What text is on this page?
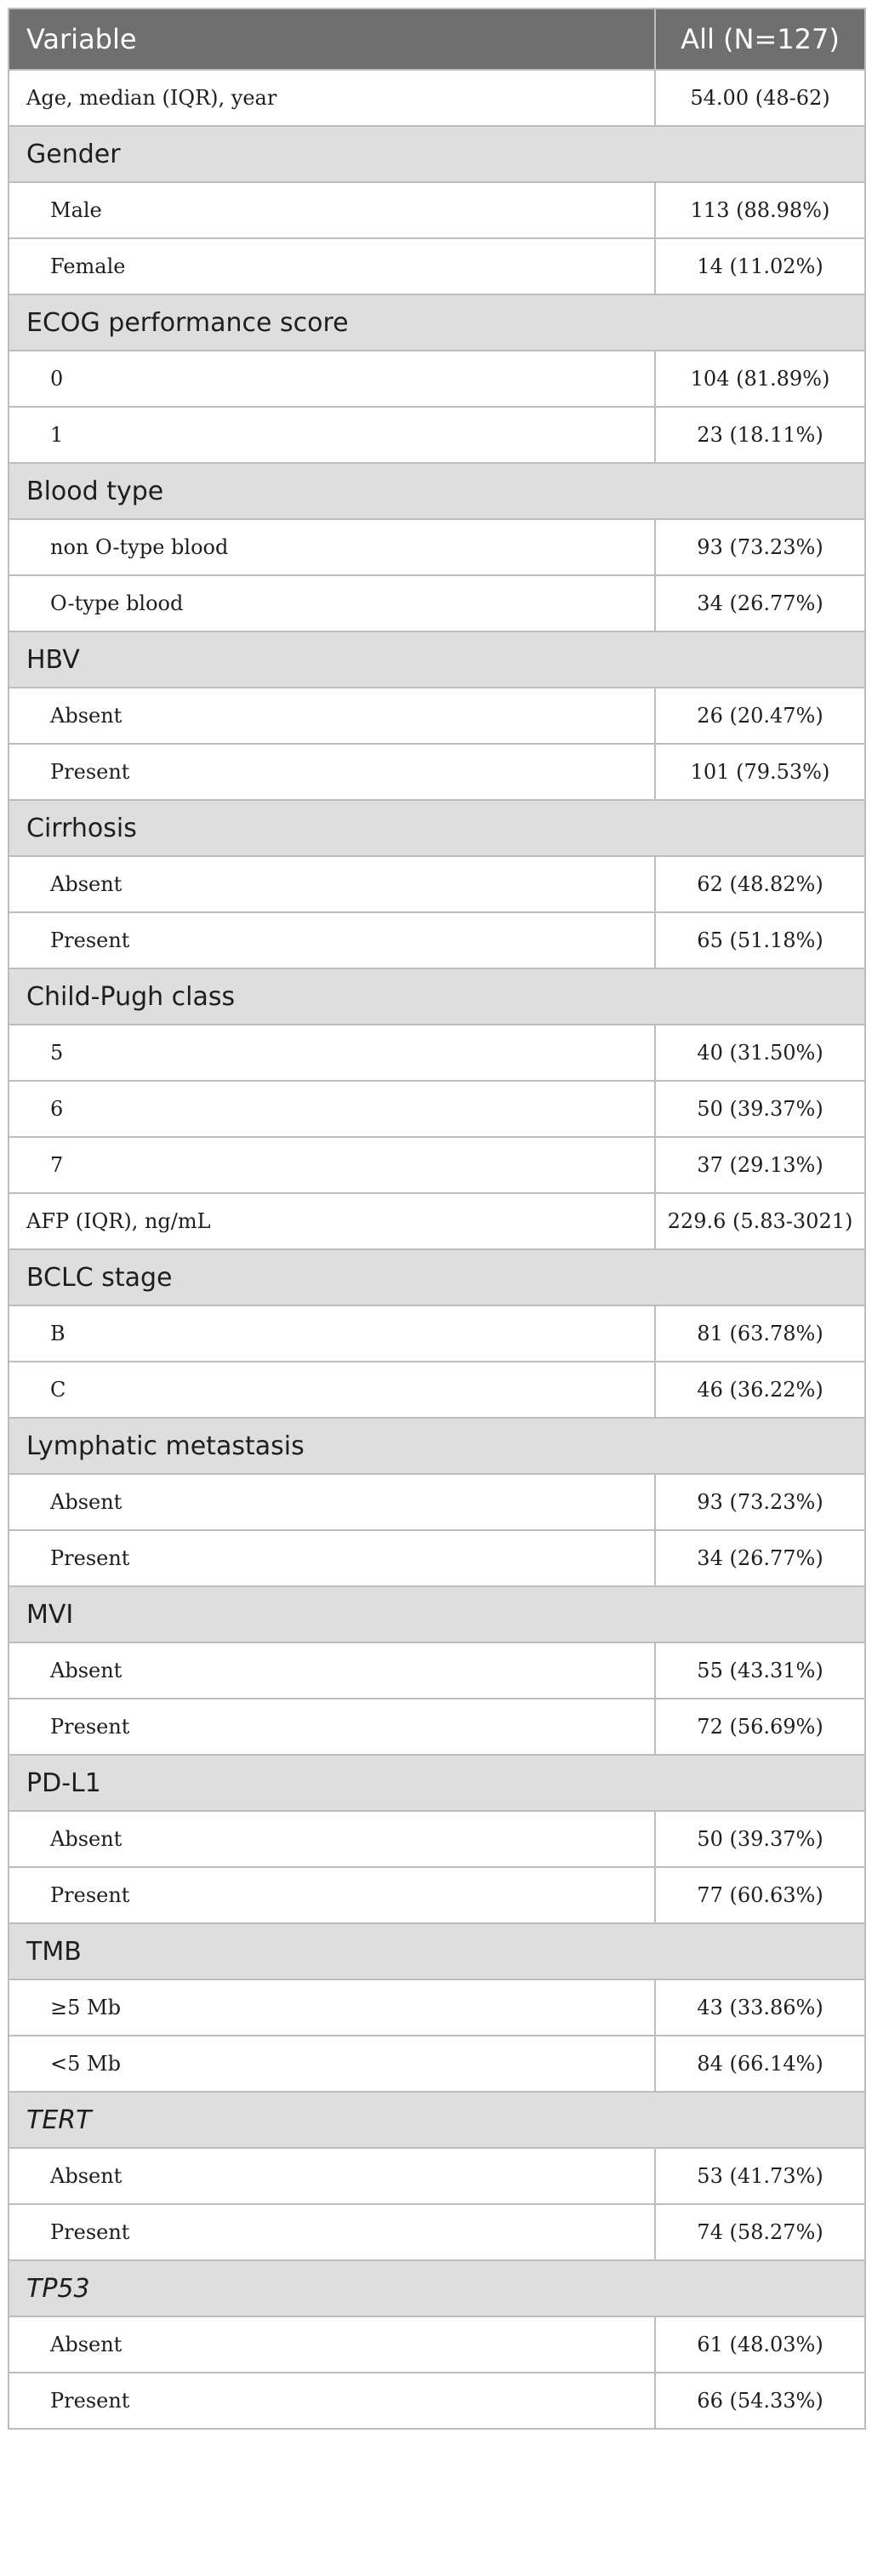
Variable	All (N=127)
Age, median (IQR), year	54.00 (48-62)
Gender	
Male	113 (88.98%)
Female	14 (11.02%)
ECOG performance score	
0	104 (81.89%)
1	23 (18.11%)
Blood type	
non O-type blood	93 (73.23%)
O-type blood	34 (26.77%)
HBV	
Absent	26 (20.47%)
Present	101 (79.53%)
Cirrhosis	
Absent	62 (48.82%)
Present	65 (51.18%)
Child-Pugh class	
5	40 (31.50%)
6	50 (39.37%)
7	37 (29.13%)
AFP (IQR), ng/mL	229.6 (5.83-3021)
BCLC stage	
B	81 (63.78%)
C	46 (36.22%)
Lymphatic metastasis	
Absent	93 (73.23%)
Present	34 (26.77%)
MVI	
Absent	55 (43.31%)
Present	72 (56.69%)
PD-L1	
Absent	50 (39.37%)
Present	77 (60.63%)
TMB	
≥5 Mb	43 (33.86%)
<5 Mb	84 (66.14%)
TERT	
Absent	53 (41.73%)
Present	74 (58.27%)
TP53	
Absent	61 (48.03%)
Present	66 (54.33%)
